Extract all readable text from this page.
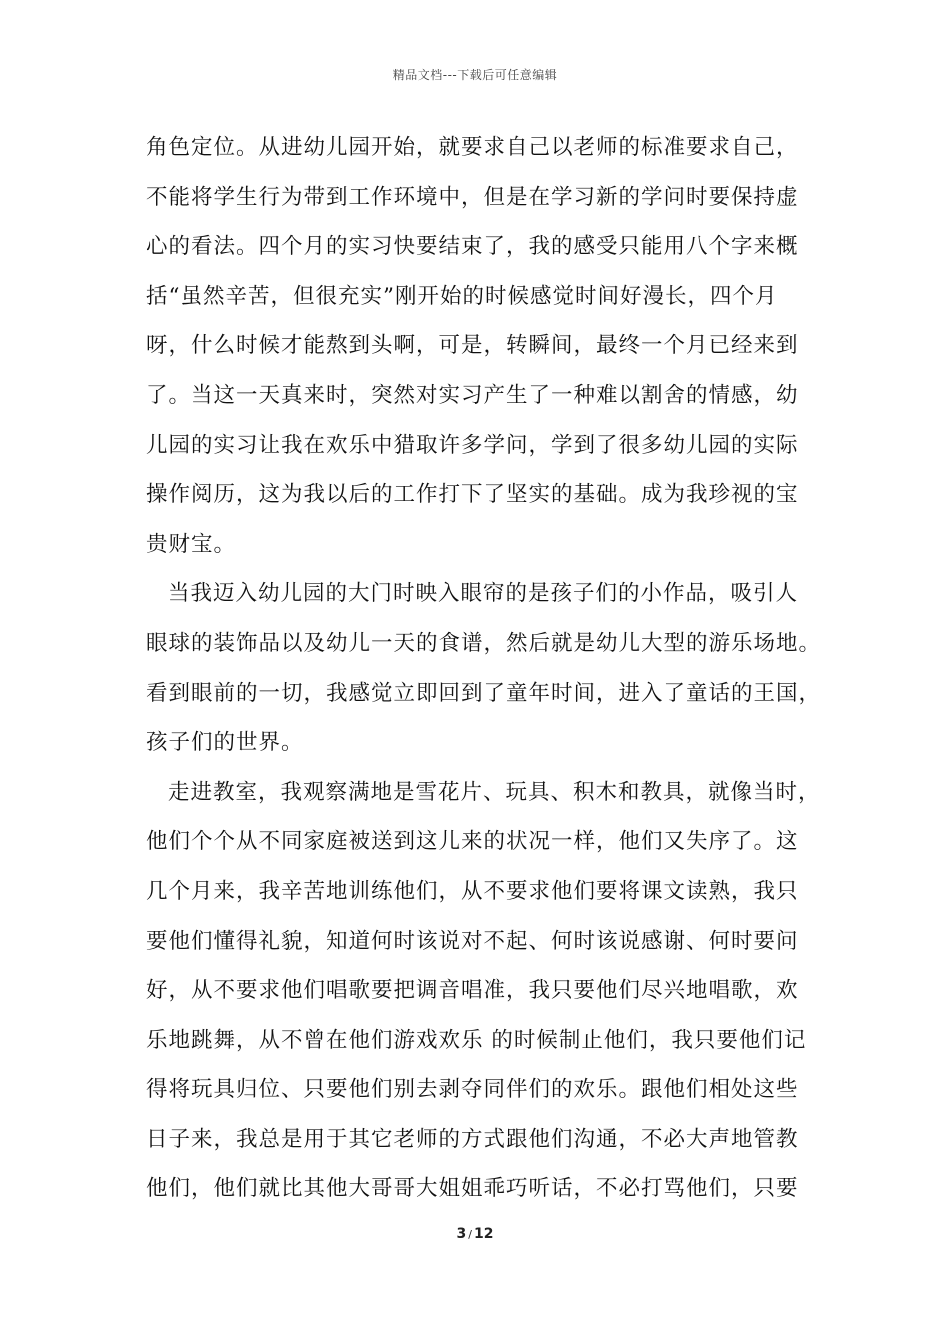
精品文档---下载后可任意编辑
角色定位。从进幼儿园开始，就要求自己以老师的标准要求自己，
不能将学生行为带到工作环境中，但是在学习新的学问时要保持虚
心的看法。四个月的实习快要结束了，我的感受只能用八个字来概
括“虽然辛苦，但很充实”刚开始的时候感觉时间好漫长，四个月
呀，什么时候才能熬到头啊，可是，转瞬间，最终一个月已经来到
了。当这一天真来时，突然对实习产生了一种难以割舍的情感，幼
儿园的实习让我在欢乐中猎取许多学问，学到了很多幼儿园的实际
操作阅历，这为我以后的工作打下了坚实的基础。成为我珍视的宝
贵财宝。
当我迈入幼儿园的大门时映入眼帘的是孩子们的小作品，吸引人
眼球的装饰品以及幼儿一天的食谱，然后就是幼儿大型的游乐场地。
看到眼前的一切，我感觉立即回到了童年时间，进入了童话的王国，
孩子们的世界。
走进教室，我观察满地是雪花片、玩具、积木和教具，就像当时，
他们个个从不同家庭被送到这儿来的状况一样，他们又失序了。这
几个月来，我辛苦地训练他们，从不要求他们要将课文读熟，我只
要他们懂得礼貌，知道何时该说对不起、何时该说感谢、何时要问
好，从不要求他们唱歌要把调音唱准，我只要他们尽兴地唱歌，欢
乐地跳舞，从不曾在他们游戏欢乐 的时候制止他们，我只要他们记
得将玩具归位、只要他们别去剥夺同伴们的欢乐。跟他们相处这些
日子来，我总是用于其它老师的方式跟他们沟通，不必大声地管教
他们，他们就比其他大哥哥大姐姐乖巧听话，不必打骂他们，只要
3 / 12
